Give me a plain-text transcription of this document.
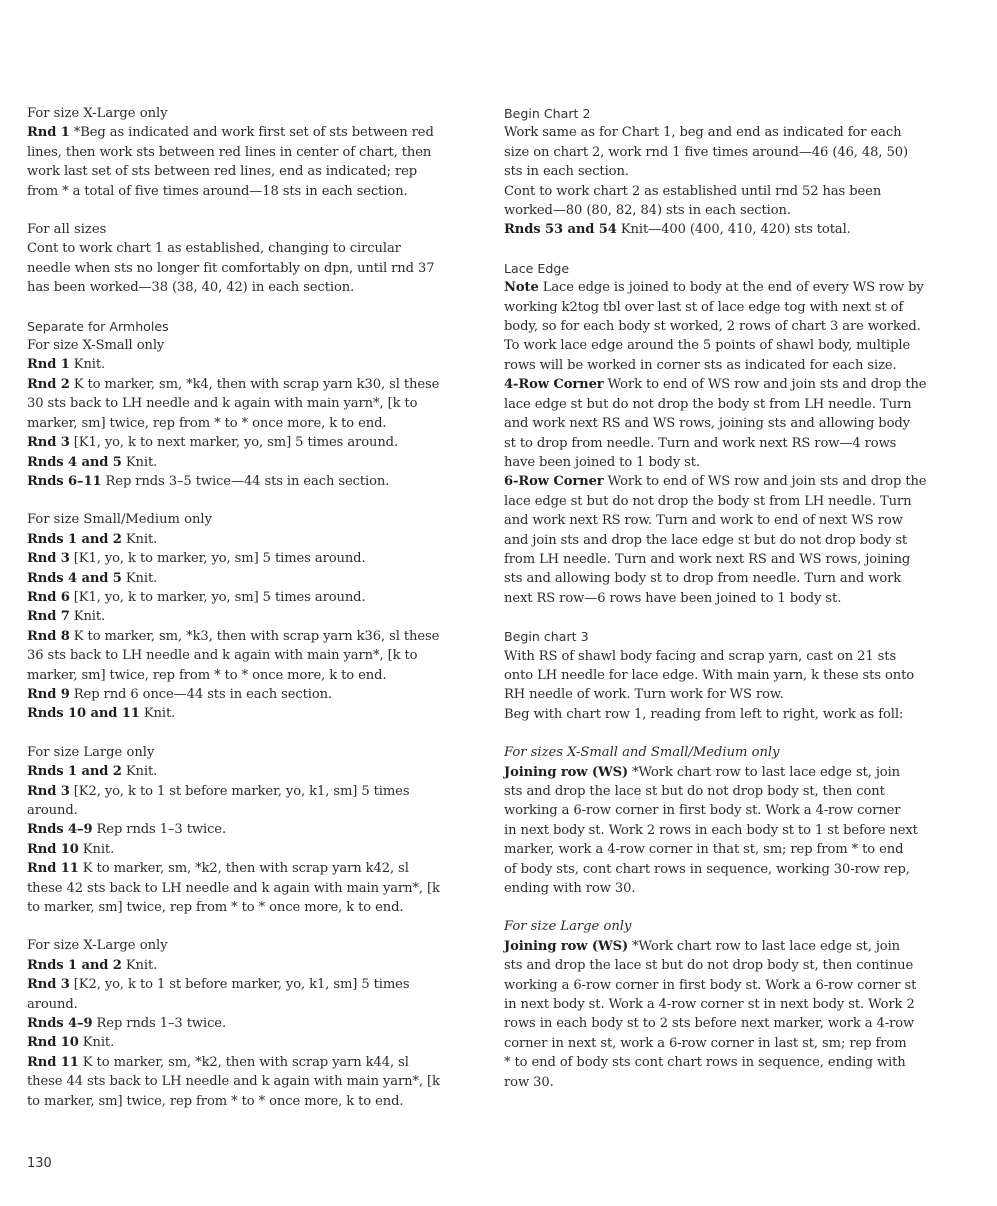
For size X-Large only
Rnd 1 *Beg as indicated and work first set of sts between red
lines, then work sts between red lines in center of chart, then
work last set of sts between red lines, end as indicated; rep
from * a total of five times around—18 sts in each section.
For all sizes
Cont to work chart 1 as established, changing to circular
needle when sts no longer fit comfortably on dpn, until rnd 37
has been worked—38 (38, 40, 42) in each section.
Separate for Armholes
For size X-Small only
Rnd 1 Knit.
Rnd 2 K to marker, sm, *k4, then with scrap yarn k30, sl these
30 sts back to LH needle and k again with main yarn*, [k to
marker, sm] twice, rep from * to * once more, k to end.
Rnd 3 [K1, yo, k to next marker, yo, sm] 5 times around.
Rnds 4 and 5 Knit.
Rnds 6–11 Rep rnds 3–5 twice—44 sts in each section.
For size Small/Medium only
Rnds 1 and 2 Knit.
Rnd 3 [K1, yo, k to marker, yo, sm] 5 times around.
Rnds 4 and 5 Knit.
Rnd 6 [K1, yo, k to marker, yo, sm] 5 times around.
Rnd 7 Knit.
Rnd 8 K to marker, sm, *k3, then with scrap yarn k36, sl these
36 sts back to LH needle and k again with main yarn*, [k to
marker, sm] twice, rep from * to * once more, k to end.
Rnd 9 Rep rnd 6 once—44 sts in each section.
Rnds 10 and 11 Knit.
For size Large only
Rnds 1 and 2 Knit.
Rnd 3 [K2, yo, k to 1 st before marker, yo, k1, sm] 5 times
around.
Rnds 4–9 Rep rnds 1–3 twice.
Rnd 10 Knit.
Rnd 11 K to marker, sm, *k2, then with scrap yarn k42, sl
these 42 sts back to LH needle and k again with main yarn*, [k
to marker, sm] twice, rep from * to * once more, k to end.
For size X-Large only
Rnds 1 and 2 Knit.
Rnd 3 [K2, yo, k to 1 st before marker, yo, k1, sm] 5 times
around.
Rnds 4–9 Rep rnds 1–3 twice.
Rnd 10 Knit.
Rnd 11 K to marker, sm, *k2, then with scrap yarn k44, sl
these 44 sts back to LH needle and k again with main yarn*, [k
to marker, sm] twice, rep from * to * once more, k to end.
Begin Chart 2
Work same as for Chart 1, beg and end as indicated for each
size on chart 2, work rnd 1 five times around—46 (46, 48, 50)
sts in each section.
Cont to work chart 2 as established until rnd 52 has been
worked—80 (80, 82, 84) sts in each section.
Rnds 53 and 54 Knit—400 (400, 410, 420) sts total.
Lace Edge
Note Lace edge is joined to body at the end of every WS row by
working k2tog tbl over last st of lace edge tog with next st of
body, so for each body st worked, 2 rows of chart 3 are worked.
To work lace edge around the 5 points of shawl body, multiple
rows will be worked in corner sts as indicated for each size.
4-Row Corner Work to end of WS row and join sts and drop the
lace edge st but do not drop the body st from LH needle. Turn
and work next RS and WS rows, joining sts and allowing body
st to drop from needle. Turn and work next RS row—4 rows
have been joined to 1 body st.
6-Row Corner Work to end of WS row and join sts and drop the
lace edge st but do not drop the body st from LH needle. Turn
and work next RS row. Turn and work to end of next WS row
and join sts and drop the lace edge st but do not drop body st
from LH needle. Turn and work next RS and WS rows, joining
sts and allowing body st to drop from needle. Turn and work
next RS row—6 rows have been joined to 1 body st.
Begin chart 3
With RS of shawl body facing and scrap yarn, cast on 21 sts
onto LH needle for lace edge. With main yarn, k these sts onto
RH needle of work. Turn work for WS row.
Beg with chart row 1, reading from left to right, work as foll:
For sizes X-Small and Small/Medium only
Joining row (WS) *Work chart row to last lace edge st, join
sts and drop the lace st but do not drop body st, then cont
working a 6-row corner in first body st. Work a 4-row corner
in next body st. Work 2 rows in each body st to 1 st before next
marker, work a 4-row corner in that st, sm; rep from * to end
of body sts, cont chart rows in sequence, working 30-row rep,
ending with row 30.
For size Large only
Joining row (WS) *Work chart row to last lace edge st, join
sts and drop the lace st but do not drop body st, then continue
working a 6-row corner in first body st. Work a 6-row corner st
in next body st. Work a 4-row corner st in next body st. Work 2
rows in each body st to 2 sts before next marker, work a 4-row
corner in next st, work a 6-row corner in last st, sm; rep from
* to end of body sts cont chart rows in sequence, ending with
row 30.
130
